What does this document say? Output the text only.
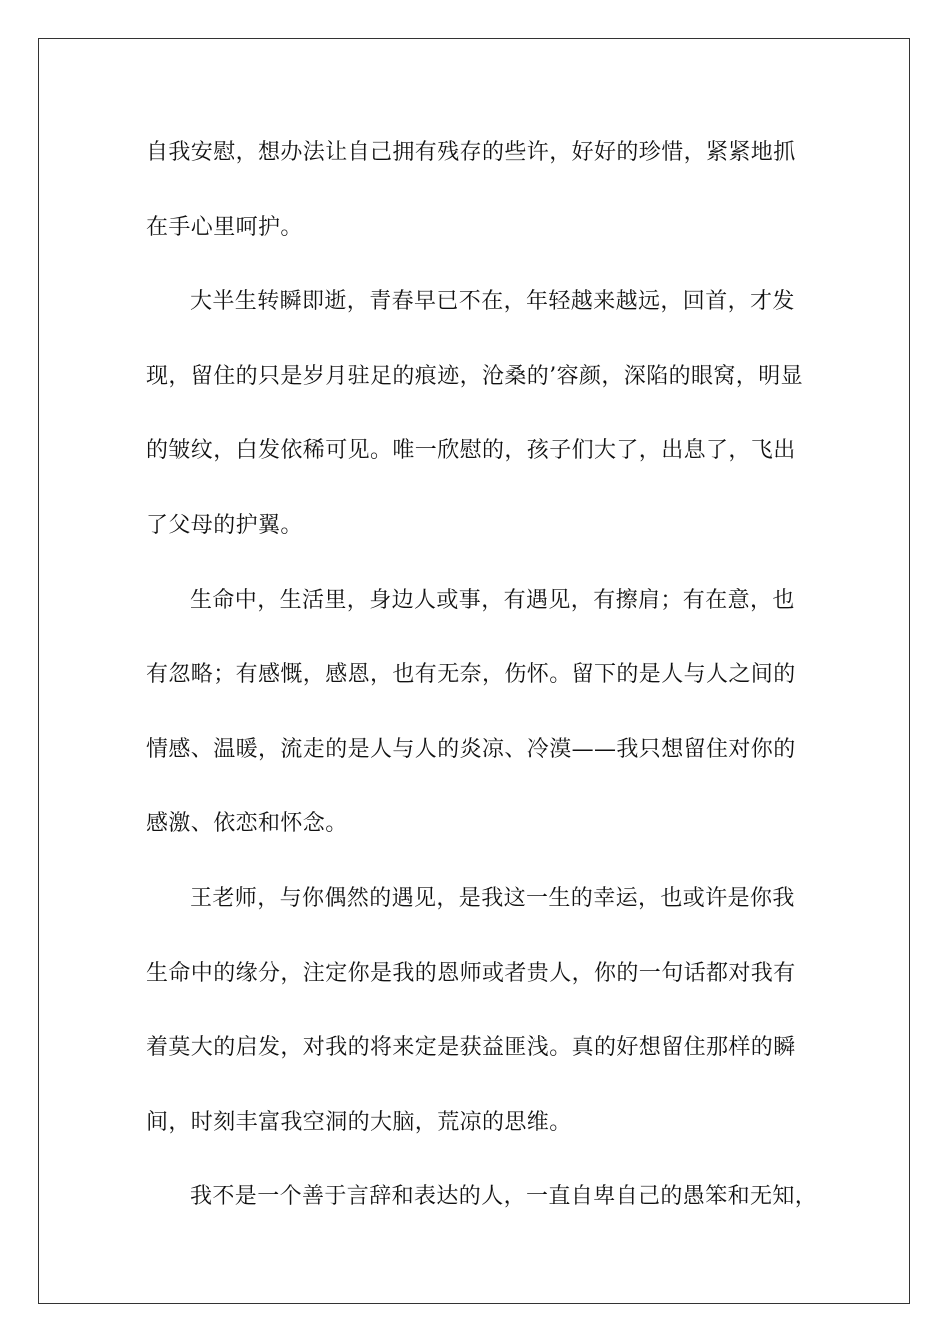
自我安慰，想办法让自己拥有残存的些许，好好的珍惜，紧紧地抓
在手心里呵护。
大半生转瞬即逝，青春早已不在，年轻越来越远，回首，才发
现，留住的只是岁月驻足的痕迹，沧桑的’容颜，深陷的眼窝，明显
的皱纹，白发依稀可见。唯一欣慰的，孩子们大了，出息了，飞出
了父母的护翼。
生命中，生活里，身边人或事，有遇见，有擦肩；有在意，也
有忽略；有感慨，感恩，也有无奈，伤怀。留下的是人与人之间的
情感、温暖，流走的是人与人的炎凉、冷漠——我只想留住对你的
感激、依恋和怀念。
王老师，与你偶然的遇见，是我这一生的幸运，也或许是你我
生命中的缘分，注定你是我的恩师或者贵人，你的一句话都对我有
着莫大的启发，对我的将来定是获益匪浅。真的好想留住那样的瞬
间，时刻丰富我空洞的大脑，荒凉的思维。
我不是一个善于言辞和表达的人，一直自卑自己的愚笨和无知，
